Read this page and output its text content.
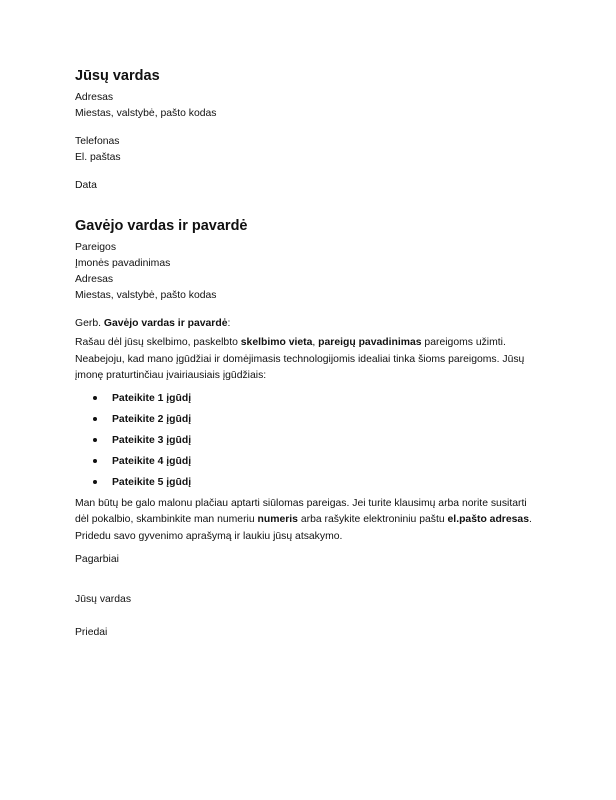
Jūsų vardas
Adresas
Miestas, valstybė, pašto kodas
Telefonas
El. paštas
Data
Gavėjo vardas ir pavardė
Pareigos
Įmonės pavadinimas
Adresas
Miestas, valstybė, pašto kodas
Gerb. Gavėjo vardas ir pavardė:
Rašau dėl jūsų skelbimo, paskelbto skelbimo vieta, pareigų pavadinimas pareigoms užimti.
Neabejoju, kad mano įgūdžiai ir domėjimasis technologijomis idealiai tinka šioms pareigoms. Jūsų
įmonę praturtinčiau įvairiausiais įgūdžiais:
Pateikite 1 įgūdį
Pateikite 2 įgūdį
Pateikite 3 įgūdį
Pateikite 4 įgūdį
Pateikite 5 įgūdį
Man būtų be galo malonu plačiau aptarti siūlomas pareigas. Jei turite klausimų arba norite susitarti
dėl pokalbio, skambinkite man numeriu numeris arba rašykite elektroniniu paštu el.pašto adresas.
Pridedu savo gyvenimo aprašymą ir laukiu jūsų atsakymo.
Pagarbiai
Jūsų vardas
Priedai
